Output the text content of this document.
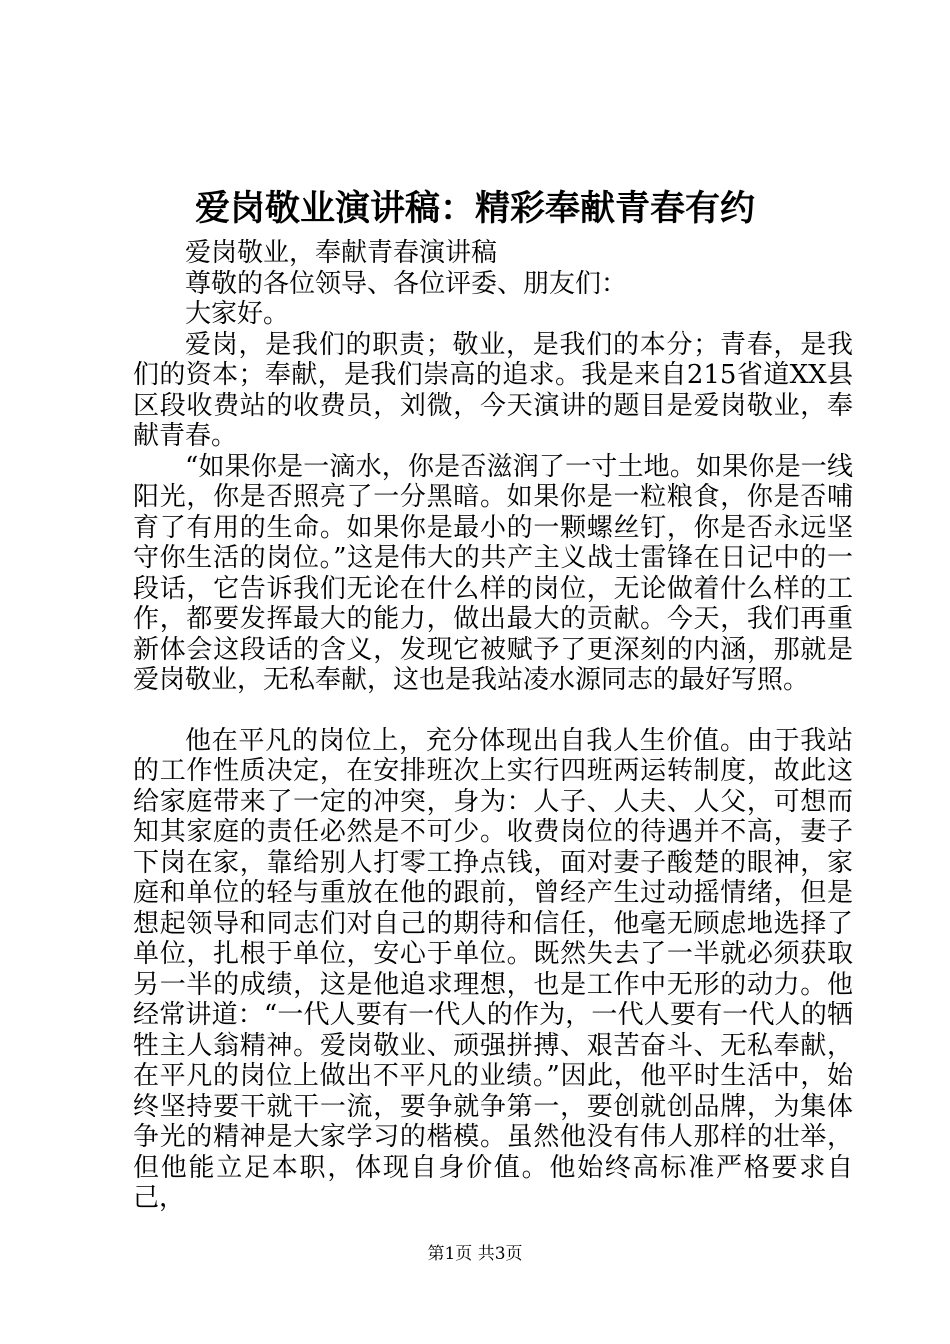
爱岗敬业演讲稿：精彩奉献青春有约

爱岗敬业，奉献青春演讲稿

尊敬的各位领导、各位评委、朋友们：

大家好。

爱岗，是我们的职责；敬业，是我们的本分；青春，是我们的资本；奉献，是我们崇高的追求。我是来自215省道XX县区段收费站的收费员，刘微，今天演讲的题目是爱岗敬业，奉献青春。

“如果你是一滴水，你是否滋润了一寸土地。如果你是一线阳光，你是否照亮了一分黑暗。如果你是一粒粮食，你是否哺育了有用的生命。如果你是最小的一颗螺丝钉，你是否永远坚守你生活的岗位。”这是伟大的共产主义战士雷锋在日记中的一段话，它告诉我们无论在什么样的岗位，无论做着什么样的工作，都要发挥最大的能力，做出最大的贡献。今天，我们再重新体会这段话的含义，发现它被赋予了更深刻的内涵，那就是爱岗敬业，无私奉献，这也是我站凌水源同志的最好写照。

他在平凡的岗位上，充分体现出自我人生价值。由于我站的工作性质决定，在安排班次上实行四班两运转制度，故此这给家庭带来了一定的冲突，身为：人子、人夫、人父，可想而知其家庭的责任必然是不可少。收费岗位的待遇并不高，妻子下岗在家，靠给别人打零工挣点钱，面对妻子酸楚的眼神，家庭和单位的轻与重放在他的跟前，曾经产生过动摇情绪，但是想起领导和同志们对自己的期待和信任，他毫无顾虑地选择了单位，扎根于单位，安心于单位。既然失去了一半就必须获取另一半的成绩，这是他追求理想，也是工作中无形的动力。他经常讲道：“一代人要有一代人的作为，一代人要有一代人的牺牲主人翁精神。爱岗敬业、顽强拼搏、艰苦奋斗、无私奉献，在平凡的岗位上做出不平凡的业绩。”因此，他平时生活中，始终坚持要干就干一流，要争就争第一，要创就创品牌，为集体争光的精神是大家学习的楷模。虽然他没有伟人那样的壮举，但他能立足本职，体现自身价值。他始终高标准严格要求自己，

第1页 共3页
